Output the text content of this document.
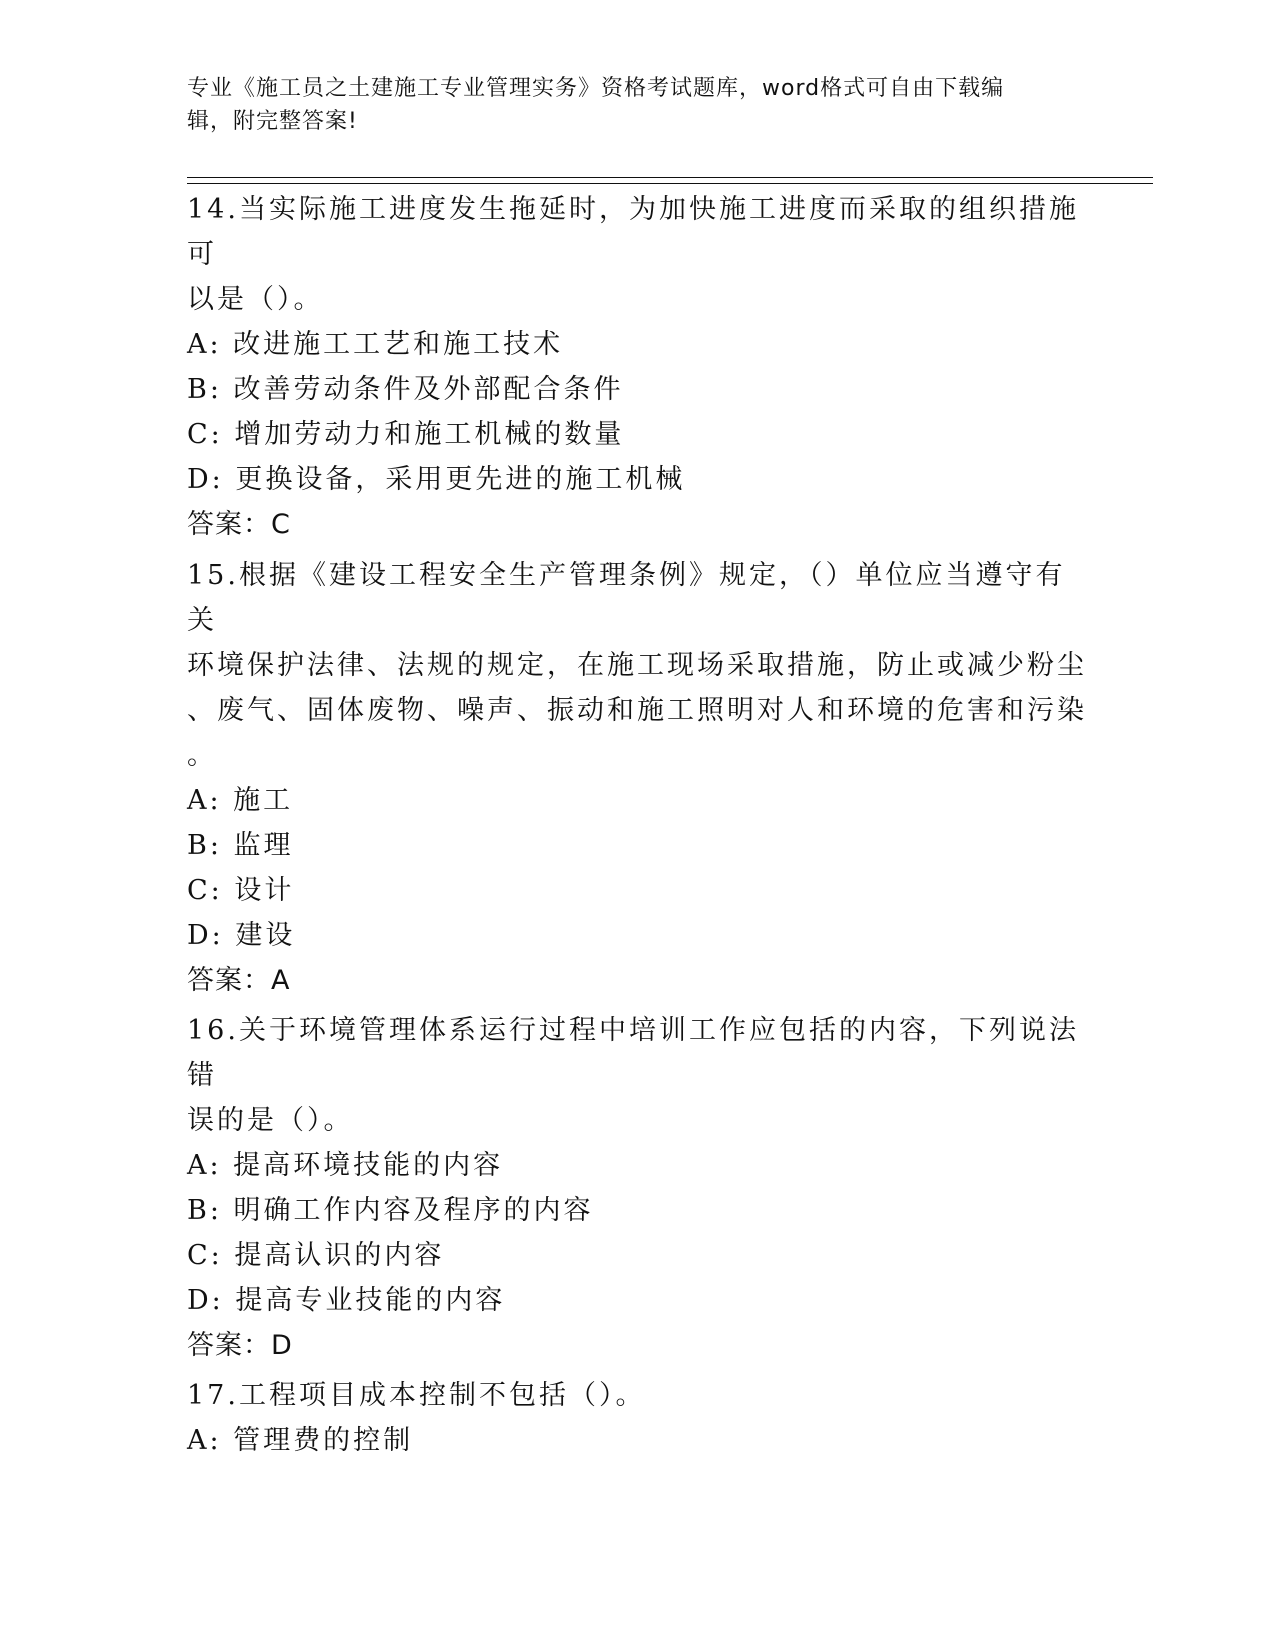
专业《施工员之土建施工专业管理实务》资格考试题库，word格式可自由下载编
辑，附完整答案!

14.当实际施工进度发生拖延时，为加快施工进度而采取的组织措施可

以是（）。

A: 改进施工工艺和施工技术

B: 改善劳动条件及外部配合条件

C: 增加劳动力和施工机械的数量

D: 更换设备，采用更先进的施工机械

答案：C

15.根据《建设工程安全生产管理条例》规定，（）单位应当遵守有关

环境保护法律、法规的规定，在施工现场采取措施，防止或减少粉尘

、废气、固体废物、噪声、振动和施工照明对人和环境的危害和污染

。

A: 施工

B: 监理

C: 设计

D: 建设

答案：A

16.关于环境管理体系运行过程中培训工作应包括的内容，下列说法错

误的是（）。

A: 提高环境技能的内容

B: 明确工作内容及程序的内容

C: 提高认识的内容

D: 提高专业技能的内容

答案：D

17.工程项目成本控制不包括（）。

A: 管理费的控制
